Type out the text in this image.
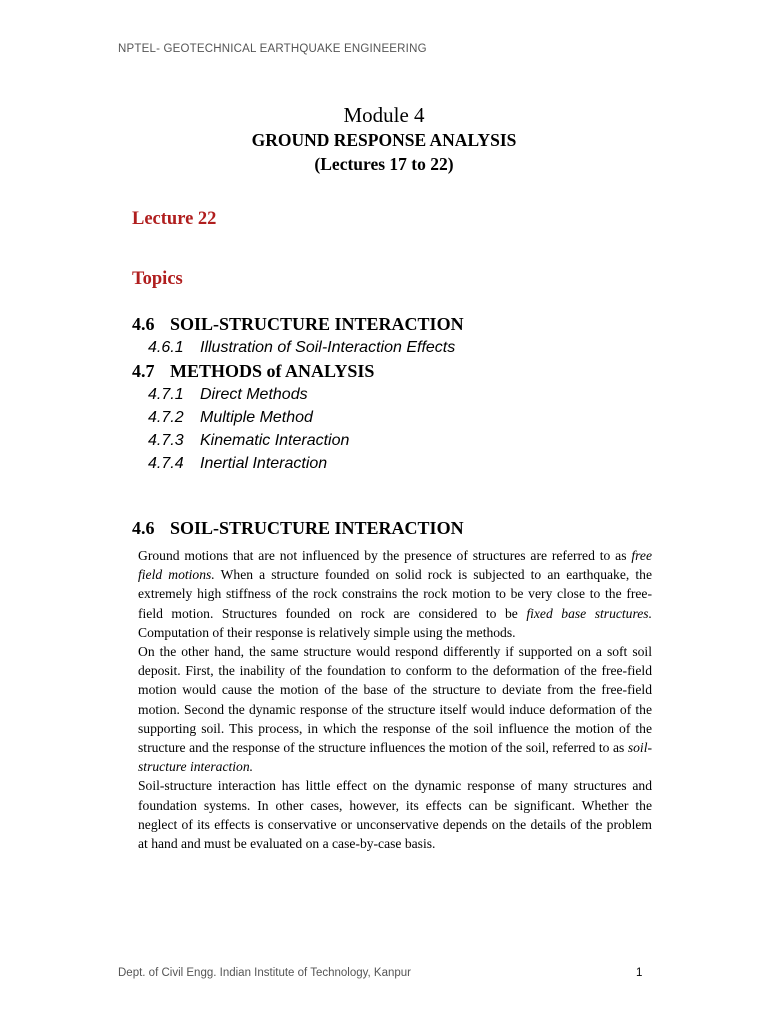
NPTEL- GEOTECHNICAL EARTHQUAKE ENGINEERING
Module 4
GROUND RESPONSE ANALYSIS
(Lectures 17 to 22)
Lecture 22
Topics
4.6 SOIL-STRUCTURE INTERACTION
4.6.1 Illustration of Soil-Interaction Effects
4.7 METHODS of ANALYSIS
4.7.1 Direct Methods
4.7.2 Multiple Method
4.7.3 Kinematic Interaction
4.7.4 Inertial Interaction
4.6 SOIL-STRUCTURE INTERACTION

Ground motions that are not influenced by the presence of structures are referred to as free field motions. When a structure founded on solid rock is subjected to an earthquake, the extremely high stiffness of the rock constrains the rock motion to be very close to the free-field motion. Structures founded on rock are considered to be fixed base structures. Computation of their response is relatively simple using the methods.

On the other hand, the same structure would respond differently if supported on a soft soil deposit. First, the inability of the foundation to conform to the deformation of the free-field motion would cause the motion of the base of the structure to deviate from the free-field motion. Second the dynamic response of the structure itself would induce deformation of the supporting soil. This process, in which the response of the soil influence the motion of the structure and the response of the structure influences the motion of the soil, referred to as soil-structure interaction.

Soil-structure interaction has little effect on the dynamic response of many structures and foundation systems. In other cases, however, its effects can be significant. Whether the neglect of its effects is conservative or unconservative depends on the details of the problem at hand and must be evaluated on a case-by-case basis.

Dept. of Civil Engg. Indian Institute of Technology, Kanpur	1
